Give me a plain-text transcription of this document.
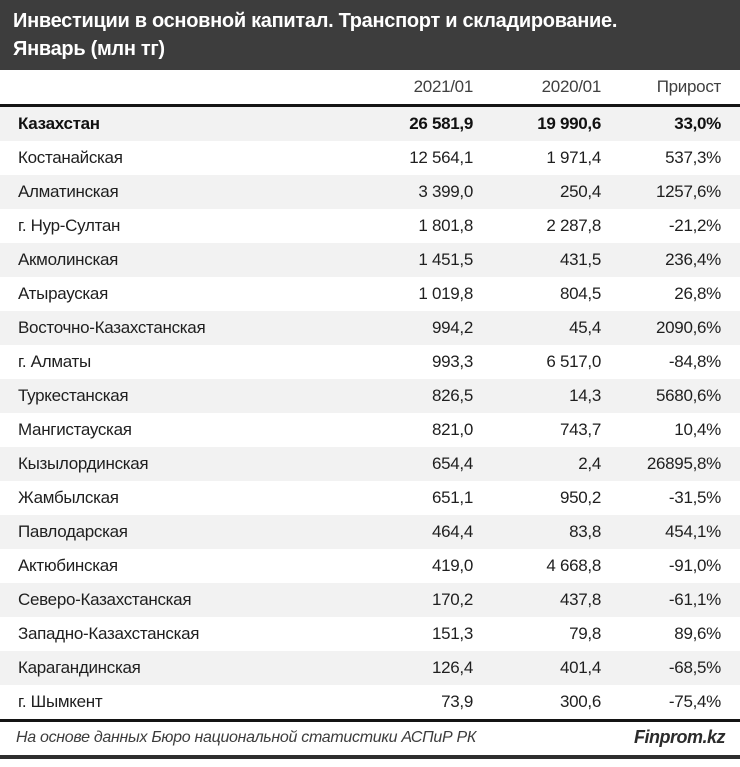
Инвестиции в основной капитал. Транспорт и складирование.
Январь (млн тг)
	2021/01	2020/01	Прирост
Казахстан	26 581,9	19 990,6	33,0%
Костанайская	12 564,1	1 971,4	537,3%
Алматинская	3 399,0	250,4	1257,6%
г. Нур-Султан	1 801,8	2 287,8	-21,2%
Акмолинская	1 451,5	431,5	236,4%
Атырауская	1 019,8	804,5	26,8%
Восточно-Казахстанская	994,2	45,4	2090,6%
г. Алматы	993,3	6 517,0	-84,8%
Туркестанская	826,5	14,3	5680,6%
Мангистауская	821,0	743,7	10,4%
Кызылординская	654,4	2,4	26895,8%
Жамбылская	651,1	950,2	-31,5%
Павлодарская	464,4	83,8	454,1%
Актюбинская	419,0	4 668,8	-91,0%
Северо-Казахстанская	170,2	437,8	-61,1%
Западно-Казахстанская	151,3	79,8	89,6%
Карагандинская	126,4	401,4	-68,5%
г. Шымкент	73,9	300,6	-75,4%
На основе данных Бюро национальной статистики АСПиР РК	Finprom.kz
